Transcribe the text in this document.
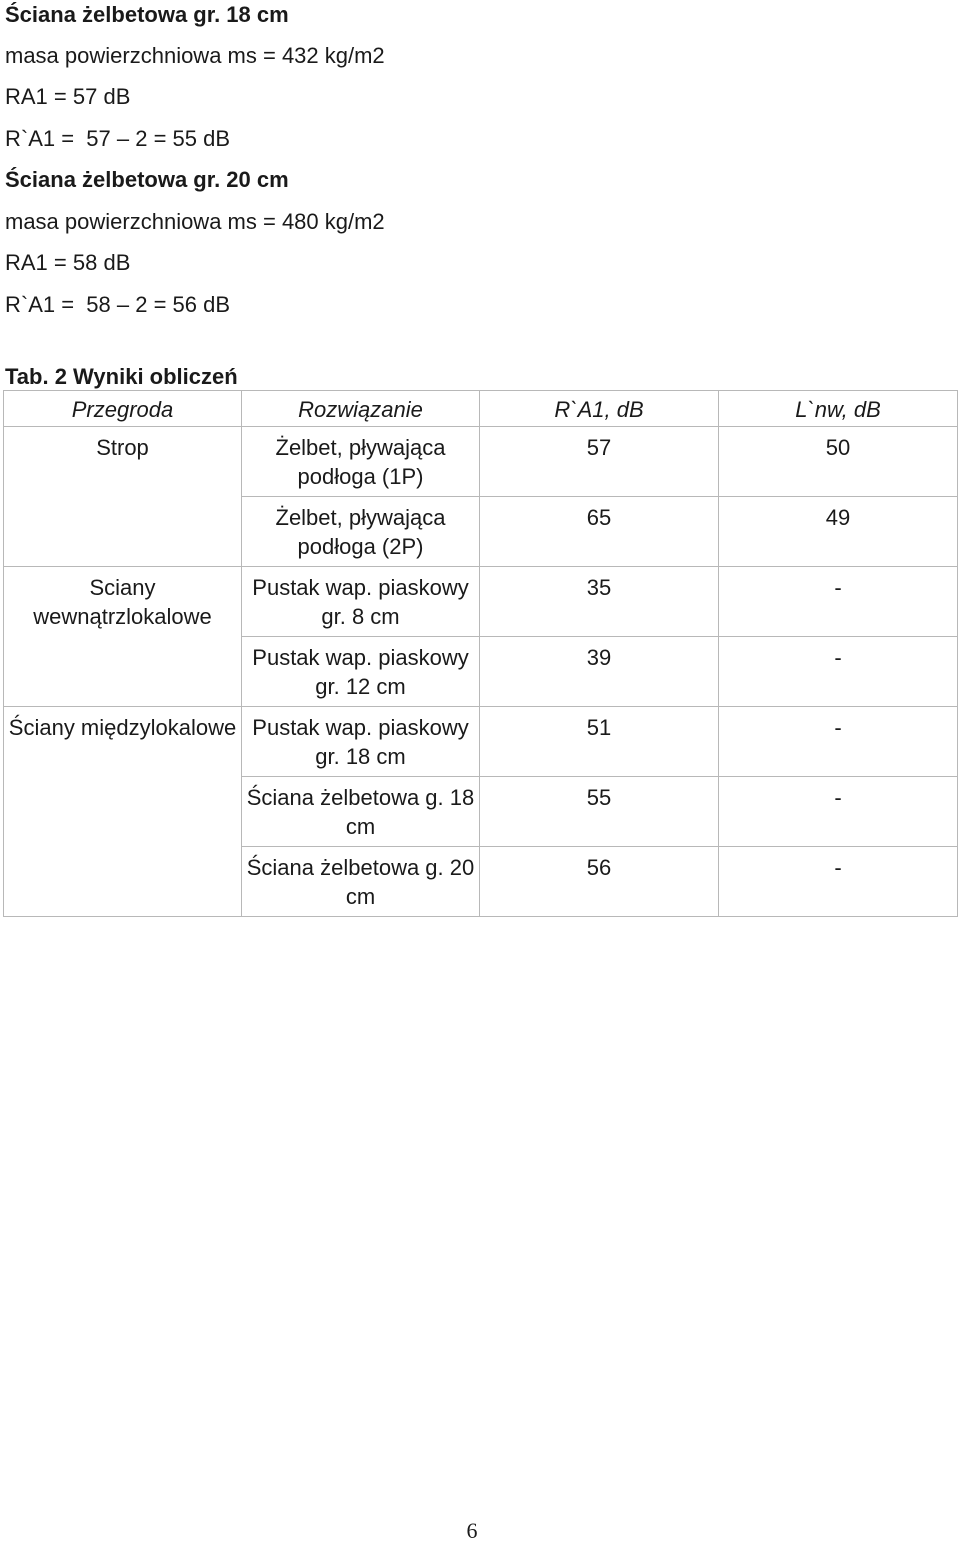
Ściana żelbetowa gr. 18 cm
masa powierzchniowa ms = 432 kg/m2
RA1 = 57 dB
R`A1 =  57 – 2 = 55 dB
Ściana żelbetowa gr. 20 cm
masa powierzchniowa ms = 480 kg/m2
RA1 = 58 dB
R`A1 =  58 – 2 = 56 dB
Tab. 2 Wyniki obliczeń
Przegroda	Rozwiązanie	R`A1, dB	L`nw, dB
Strop	Żelbet, pływająca podłoga (1P)	57	50
	Żelbet, pływająca podłoga (2P)	65	49
Sciany wewnątrzlokalowe	Pustak wap. piaskowy gr. 8 cm	35	-
	Pustak wap. piaskowy gr. 12 cm	39	-
Ściany międzylokalowe	Pustak wap. piaskowy gr. 18 cm	51	-
	Ściana żelbetowa g. 18 cm	55	-
	Ściana żelbetowa g. 20 cm	56	-
6
